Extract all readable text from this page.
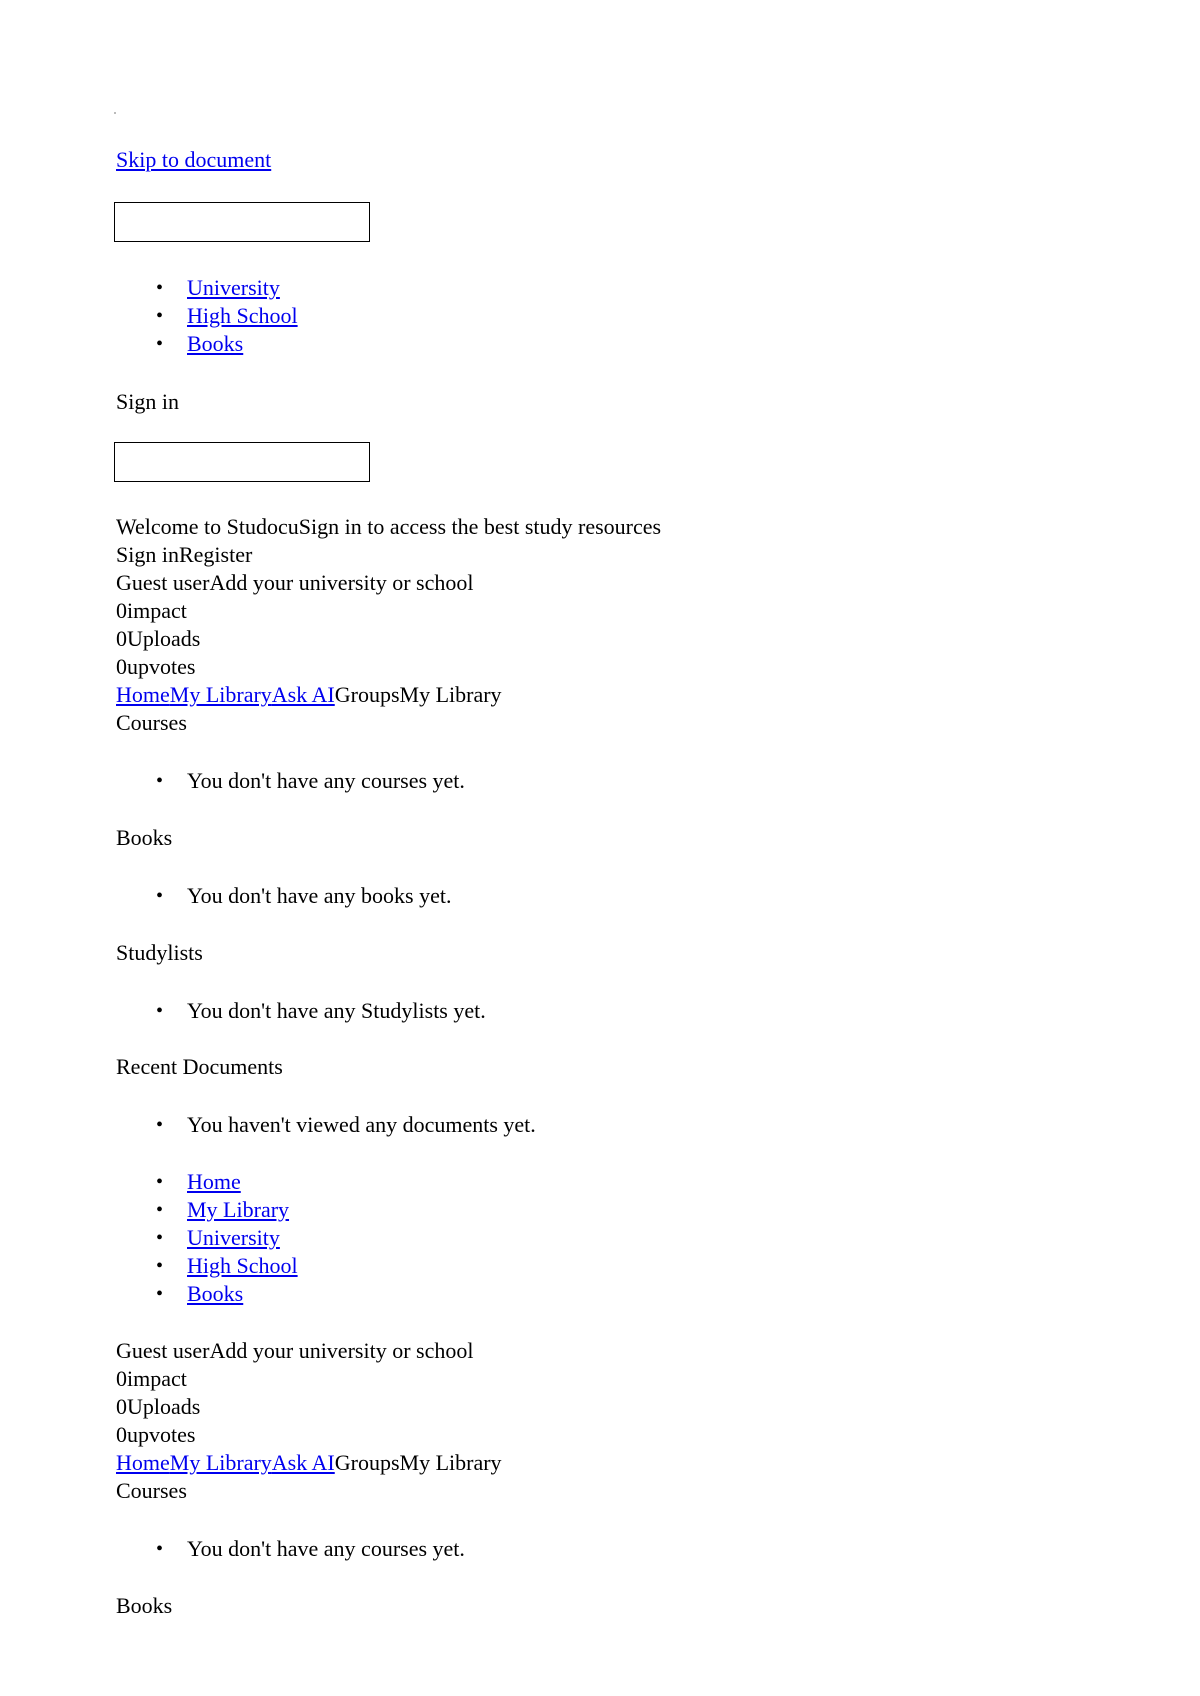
Skip to document
• University
• High School
• Books
Sign in
Welcome to StudocuSign in to access the best study resources
Sign inRegister
Guest userAdd your university or school
0impact
0Uploads
0upvotes
HomeMy LibraryAsk AIGroupsMy Library
Courses
• You don't have any courses yet.
Books
• You don't have any books yet.
Studylists
• You don't have any Studylists yet.
Recent Documents
• You haven't viewed any documents yet.
• Home
• My Library
• University
• High School
• Books
Guest userAdd your university or school
0impact
0Uploads
0upvotes
HomeMy LibraryAsk AIGroupsMy Library
Courses
• You don't have any courses yet.
Books
